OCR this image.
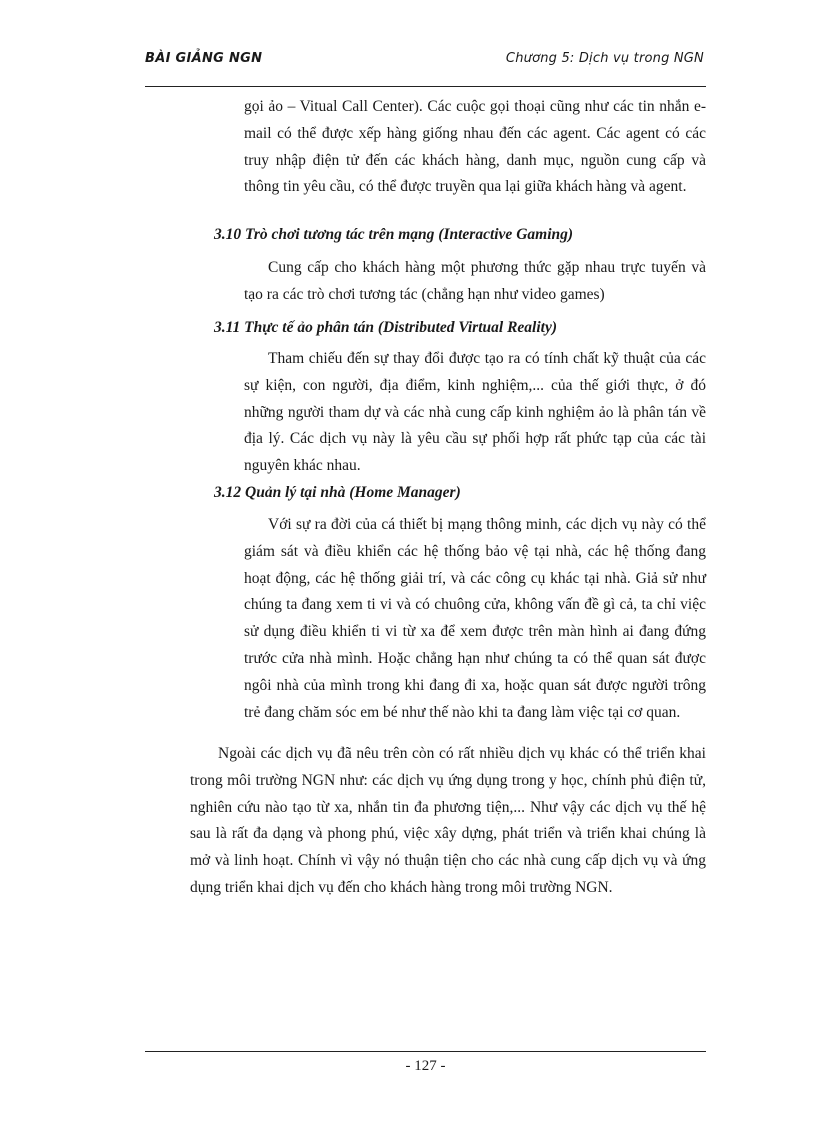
BÀI GIẢNG NGN	Chương 5: Dịch vụ trong NGN

gọi ảo – Vitual Call Center). Các cuộc gọi thoại cũng như các tin nhắn e-mail có thể được xếp hàng giống nhau đến các agent. Các agent có các truy nhập điện tử đến các khách hàng, danh mục, nguồn cung cấp và thông tin yêu cầu, có thể được truyền qua lại giữa khách hàng và agent.

3.10 Trò chơi tương tác trên mạng (Interactive Gaming)

Cung cấp cho khách hàng một phương thức gặp nhau trực tuyến và tạo ra các trò chơi tương tác (chẳng hạn như video games)

3.11 Thực tế ảo phân tán (Distributed Virtual Reality)

Tham chiếu đến sự thay đổi được tạo ra có tính chất kỹ thuật của các sự kiện, con người, địa điểm, kinh nghiệm,... của thế giới thực, ở đó những người tham dự và các nhà cung cấp kinh nghiệm ảo là phân tán về địa lý. Các dịch vụ này là yêu cầu sự phối hợp rất phức tạp của các tài nguyên khác nhau.

3.12 Quản lý tại nhà (Home Manager)

Với sự ra đời của cá thiết bị mạng thông minh, các dịch vụ này có thể giám sát và điều khiển các hệ thống bảo vệ tại nhà, các hệ thống đang hoạt động, các hệ thống giải trí, và các công cụ khác tại nhà. Giả sử như chúng ta đang xem ti vi và có chuông cửa, không vấn đề gì cả, ta chỉ việc sử dụng điều khiển ti vi từ xa để xem được trên màn hình ai đang đứng trước cửa nhà mình. Hoặc chẳng hạn như chúng ta có thể quan sát được ngôi nhà của mình trong khi đang đi xa, hoặc quan sát được người trông trẻ đang chăm sóc em bé như thế nào khi ta đang làm việc tại cơ quan.

Ngoài các dịch vụ đã nêu trên còn có rất nhiều dịch vụ khác có thể triển khai trong môi trường NGN như: các dịch vụ ứng dụng trong y học, chính phủ điện tử, nghiên cứu nào tạo từ xa, nhắn tin đa phương tiện,... Như vậy các dịch vụ thế hệ sau là rất đa dạng và phong phú, việc xây dựng, phát triển và triển khai chúng là mở và linh hoạt. Chính vì vậy nó thuận tiện cho các nhà cung cấp dịch vụ và ứng dụng triển khai dịch vụ đến cho khách hàng trong môi trường NGN.

- 127 -
